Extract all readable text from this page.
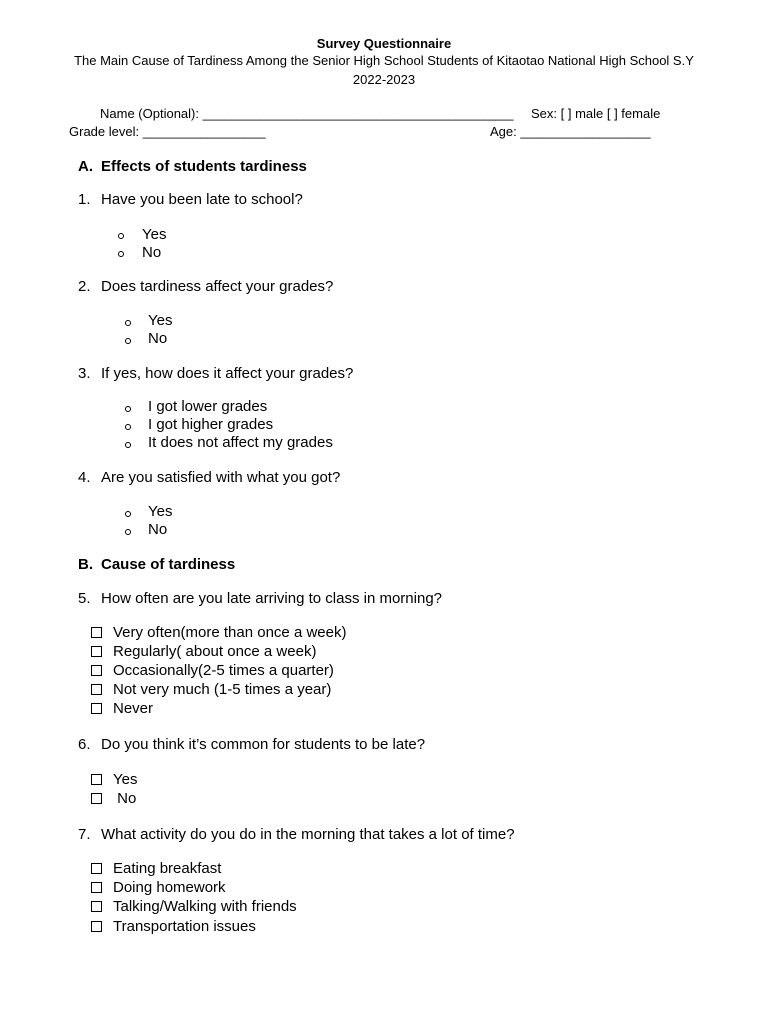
Survey Questionnaire
The Main Cause of Tardiness Among the Senior High School Students of Kitaotao National High School S.Y
2022-2023
Name (Optional): ___________________________________________ Sex: [ ] male [ ] female
Grade level: _________________	Age: __________________
A. Effects of students tardiness
1. Have you been late to school?
Yes
No
2. Does tardiness affect your grades?
Yes
No
3. If yes, how does it affect your grades?
I got lower grades
I got higher grades
It does not affect my grades
4. Are you satisfied with what you got?
Yes
No
B. Cause of tardiness
5. How often are you late arriving to class in morning?
Very often(more than once a week)
Regularly( about once a week)
Occasionally(2-5 times a quarter)
Not very much (1-5 times a year)
Never
6. Do you think it’s common for students to be late?
Yes
No
7. What activity do you do in the morning that takes a lot of time?
Eating breakfast
Doing homework
Talking/Walking with friends
Transportation issues
